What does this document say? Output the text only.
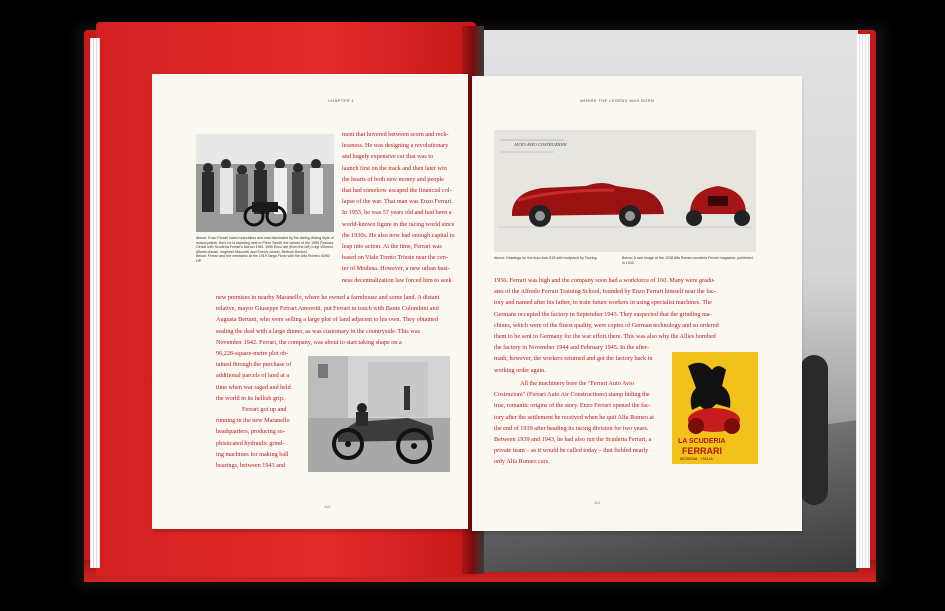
CHAPTER 1
Above: Enzo Ferrari loved motorbikes and was fascinated by the daring driving style of motorcyclists. Here he is standing next to Piero Taruffi, the winner of the 1955 Pescara Circuit with Scuderia Ferrari's Norton 1961. With Enzo are (from the left) Luigi Villoresi, Alberto Ascari, engineer Mazzotti, and Enzo's cousin, Bertone Bertoni.
Below: Ferrari and the mechanic at the 1919 Targa Florio with the Alfa Romeo 40/60 HP.
ment that hovered between scorn and reck-
lessness. He was designing a revolutionary
and hugely expensive car that was to
launch first on the track and then later win
the hearts of both new money and people
that had somehow escaped the financial col-
lapse of the war. That man was Enzo Ferrari.
In 1955, he was 57 years old and had been a
world-known figure in the racing world since
the 1930s. He also now had enough capital to
leap into action. At the time, Ferrari was
based on Viale Trento Trieste near the cen-
ter of Modena. However, a new urban busi-
ness decentralization law forced him to seek
new premises in nearby Maranello, where he owned a farmhouse and some land. A distant
relative, mayor Giuseppe Ferrari Amorotti, put Ferrari in touch with Bante Colombini and
Augusta Bertani, who were selling a large plot of land adjacent to his own. They obtained
sealing the deal with a large dinner, as was customary in the countryside. This was
November 1942. Ferrari, the company, was about to start taking shape on a
96,228-square-metre plot ob-
tained through the purchase of
additional parcels of land at a
time when war raged and held
the world in its hellish grip.
Ferrari got up and
running in the new Maranello
headquarters, producing so-
phisticated hydraulic grind-
ing machines for making ball
bearings, between 1943 and
112
WHERE THE LEGEND WAS BORN
AUTO AVIO COSTRUZIONI
Above: Drawings for the Auto Avio 815 with bodywork by Touring.	Below: A rare image of the 1938 Alfa Romeo scuderia Ferrari magazine, published in 1932.
1956. Ferrari was high and the company soon had a workforce of 160. Many were gradu-
ates of the Alfredo Ferrari Training School, founded by Enzo Ferrari himself near the fac-
tory and named after his father, to train future workers in using specialist machines. The
Germans occupied the factory in September 1943. They suspected that the grinding ma-
chines, which were of the finest quality, were copies of German technology and so ordered
them to be sent to Germany for the war effort there. This was also why the Allies bombed
the factory in November 1944 and February 1945. In the after-
math, however, the workers returned and got the factory back in
working order again.
All the machinery bore the "Ferrari Auto Avio
Costruzioni" (Ferrari Auto Air Constructions) stamp hiding the
true, romantic origins of the story. Enzo Ferrari opened the fac-
tory after the settlement he received when he quit Alfa Romeo at
the end of 1939 after heading its racing division for two years.
Between 1939 and 1943, he had also run the Scuderia Ferrari, a
private team – as it would be called today – that fielded nearly
only Alfa Romeo cars.
LA SCUDERIA
FERRARI
MODENA · ITALIA
113
